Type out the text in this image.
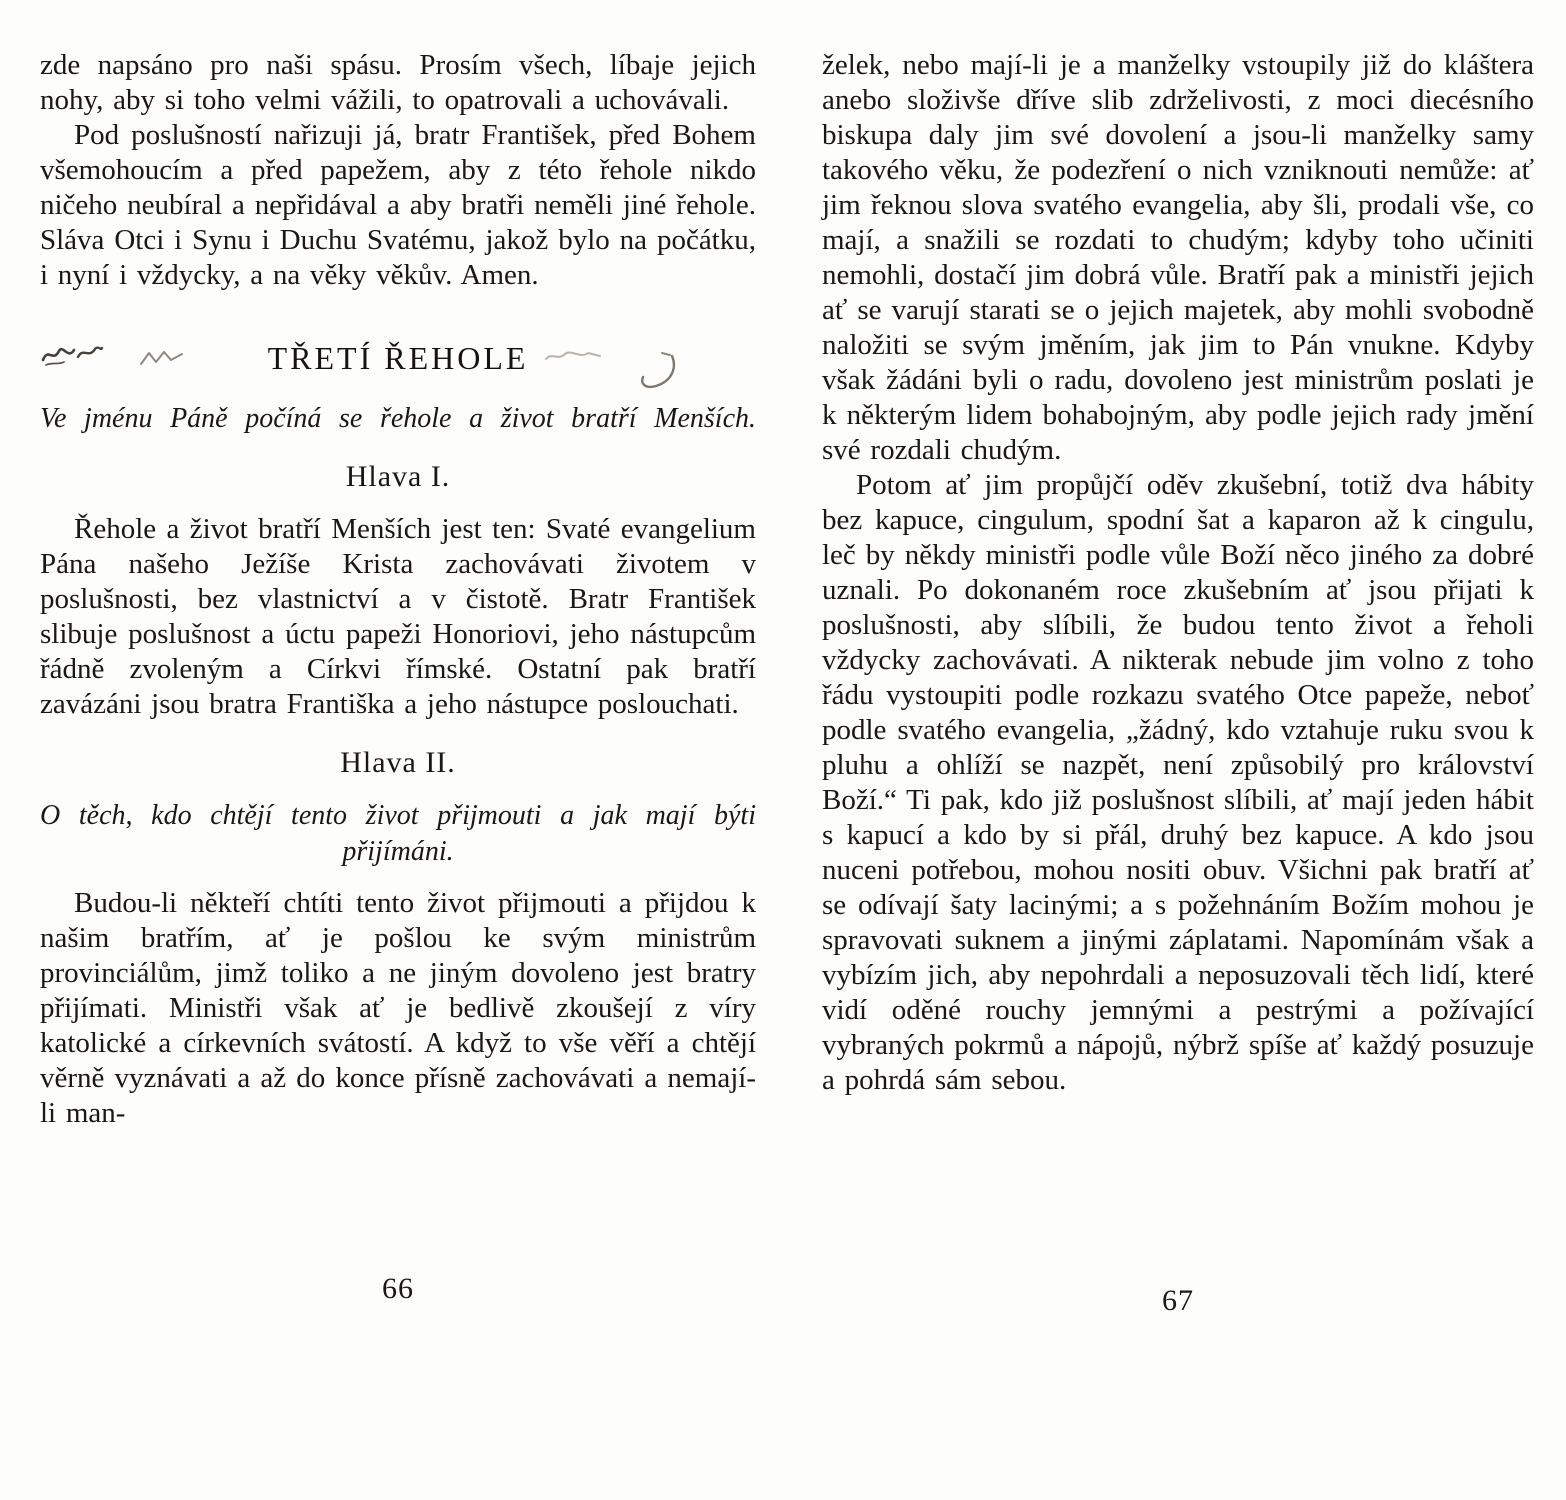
zde napsáno pro naši spásu. Prosím všech, líbaje jejich nohy, aby si toho velmi vážili, to opatrovali a uchovávali.

Pod poslušností nařizuji já, bratr František, před Bohem všemohoucím a před papežem, aby z této řehole nikdo ničeho neubíral a nepřidával a aby bratři neměli jiné řehole. Sláva Otci i Synu i Duchu Svatému, jakož bylo na počátku, i nyní i vždycky, a na věky věkův. Amen.

TŘETÍ ŘEHOLE

Ve jménu Páně počíná se řehole a život bratří Menších.

Hlava I.

Řehole a život bratří Menších jest ten: Svaté evangelium Pána našeho Ježíše Krista zachovávati životem v poslušnosti, bez vlastnictví a v čistotě. Bratr František slibuje poslušnost a úctu papeži Honoriovi, jeho nástupcům řádně zvoleným a Církvi římské. Ostatní pak bratří zavázáni jsou bratra Františka a jeho nástupce poslouchati.

Hlava II.

O těch, kdo chtějí tento život přijmouti a jak mají býti přijímáni.

Budou-li někteří chtíti tento život přijmouti a přijdou k našim bratřím, ať je pošlou ke svým ministrům provinciálům, jimž toliko a ne jiným dovoleno jest bratry přijímati. Ministři však ať je bedlivě zkoušejí z víry katolické a církevních svátostí. A když to vše věří a chtějí věrně vyznávati a až do konce přísně zachovávati a nemají-li man-

66

želek, nebo mají-li je a manželky vstoupily již do kláštera anebo složivše dříve slib zdrželivosti, z moci diecésního biskupa daly jim své dovolení a jsou-li manželky samy takového věku, že podezření o nich vzniknouti nemůže: ať jim řeknou slova svatého evangelia, aby šli, prodali vše, co mají, a snažili se rozdati to chudým; kdyby toho učiniti nemohli, dostačí jim dobrá vůle. Bratří pak a ministři jejich ať se varují starati se o jejich majetek, aby mohli svobodně naložiti se svým jměním, jak jim to Pán vnukne. Kdyby však žádáni byli o radu, dovoleno jest ministrům poslati je k některým lidem bohabojným, aby podle jejich rady jmění své rozdali chudým.

Potom ať jim propůjčí oděv zkušební, totiž dva hábity bez kapuce, cingulum, spodní šat a kaparon až k cingulu, leč by někdy ministři podle vůle Boží něco jiného za dobré uznali. Po dokonaném roce zkušebním ať jsou přijati k poslušnosti, aby slíbili, že budou tento život a řeholi vždycky zachovávati. A nikterak nebude jim volno z toho řádu vystoupiti podle rozkazu svatého Otce papeže, neboť podle svatého evangelia, „žádný, kdo vztahuje ruku svou k pluhu a ohlíží se nazpět, není způsobilý pro království Boží.“ Ti pak, kdo již poslušnost slíbili, ať mají jeden hábit s kapucí a kdo by si přál, druhý bez kapuce. A kdo jsou nuceni potřebou, mohou nositi obuv. Všichni pak bratří ať se odívají šaty lacinými; a s požehnáním Božím mohou je spravovati suknem a jinými záplatami. Napomínám však a vybízím jich, aby nepohrdali a neposuzovali těch lidí, které vidí oděné rouchy jemnými a pestrými a požívající vybraných pokrmů a nápojů, nýbrž spíše ať každý posuzuje a pohrdá sám sebou.

67
